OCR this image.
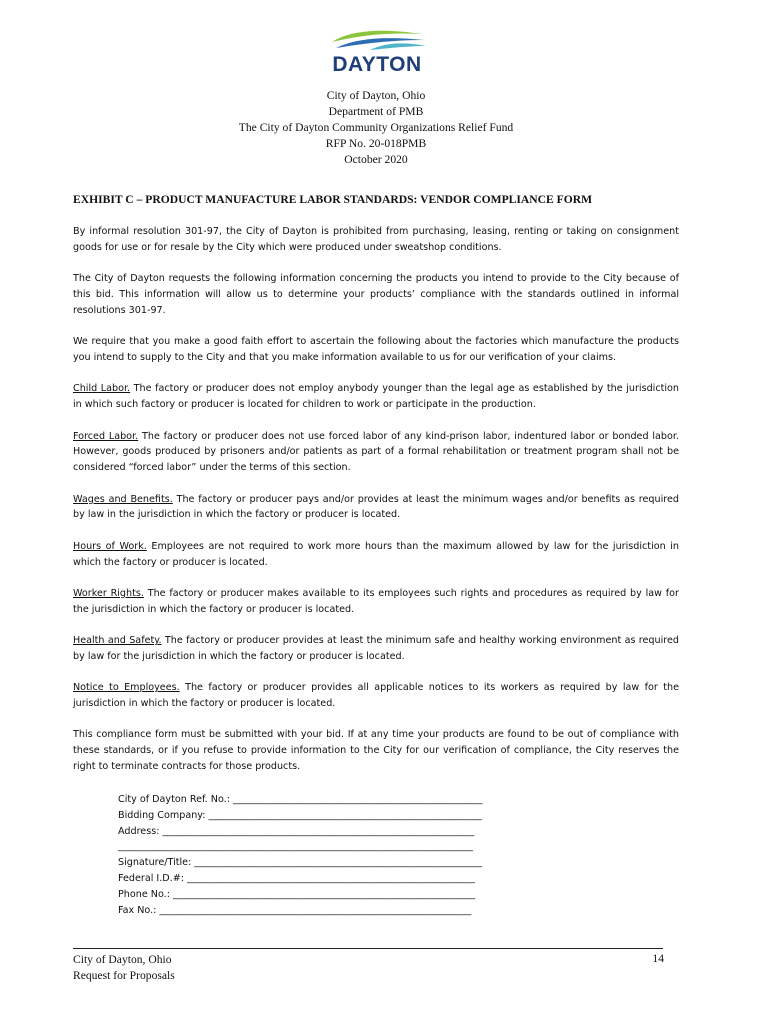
DAYTON
City of Dayton, Ohio
Department of PMB
The City of Dayton Community Organizations Relief Fund
RFP No. 20-018PMB
October 2020
EXHIBIT C – PRODUCT MANUFACTURE LABOR STANDARDS: VENDOR COMPLIANCE FORM

By informal resolution 301-97, the City of Dayton is prohibited from purchasing, leasing, renting or taking on consignment goods for use or for resale by the City which were produced under sweatshop conditions.

The City of Dayton requests the following information concerning the products you intend to provide to the City because of this bid. This information will allow us to determine your products’ compliance with the standards outlined in informal resolutions 301-97.

We require that you make a good faith effort to ascertain the following about the factories which manufacture the products you intend to supply to the City and that you make information available to us for our verification of your claims.

Child Labor. The factory or producer does not employ anybody younger than the legal age as established by the jurisdiction in which such factory or producer is located for children to work or participate in the production.

Forced Labor. The factory or producer does not use forced labor of any kind-prison labor, indentured labor or bonded labor. However, goods produced by prisoners and/or patients as part of a formal rehabilitation or treatment program shall not be considered “forced labor” under the terms of this section.

Wages and Benefits. The factory or producer pays and/or provides at least the minimum wages and/or benefits as required by law in the jurisdiction in which the factory or producer is located.

Hours of Work. Employees are not required to work more hours than the maximum allowed by law for the jurisdiction in which the factory or producer is located.

Worker Rights. The factory or producer makes available to its employees such rights and procedures as required by law for the jurisdiction in which the factory or producer is located.

Health and Safety. The factory or producer provides at least the minimum safe and healthy working environment as required by law for the jurisdiction in which the factory or producer is located.

Notice to Employees. The factory or producer provides all applicable notices to its workers as required by law for the jurisdiction in which the factory or producer is located.

This compliance form must be submitted with your bid. If at any time your products are found to be out of compliance with these standards, or if you refuse to provide information to the City for our verification of compliance, the City reserves the right to terminate contracts for those products.

City of Dayton Ref. No.: ____________________________________________________
Bidding Company: _________________________________________________________
Address: _________________________________________________________________
__________________________________________________________________________
Signature/Title: ____________________________________________________________
Federal I.D.#: ____________________________________________________________
Phone No.: _______________________________________________________________
Fax No.: _________________________________________________________________
City of Dayton, Ohio
Request for Proposals
14
